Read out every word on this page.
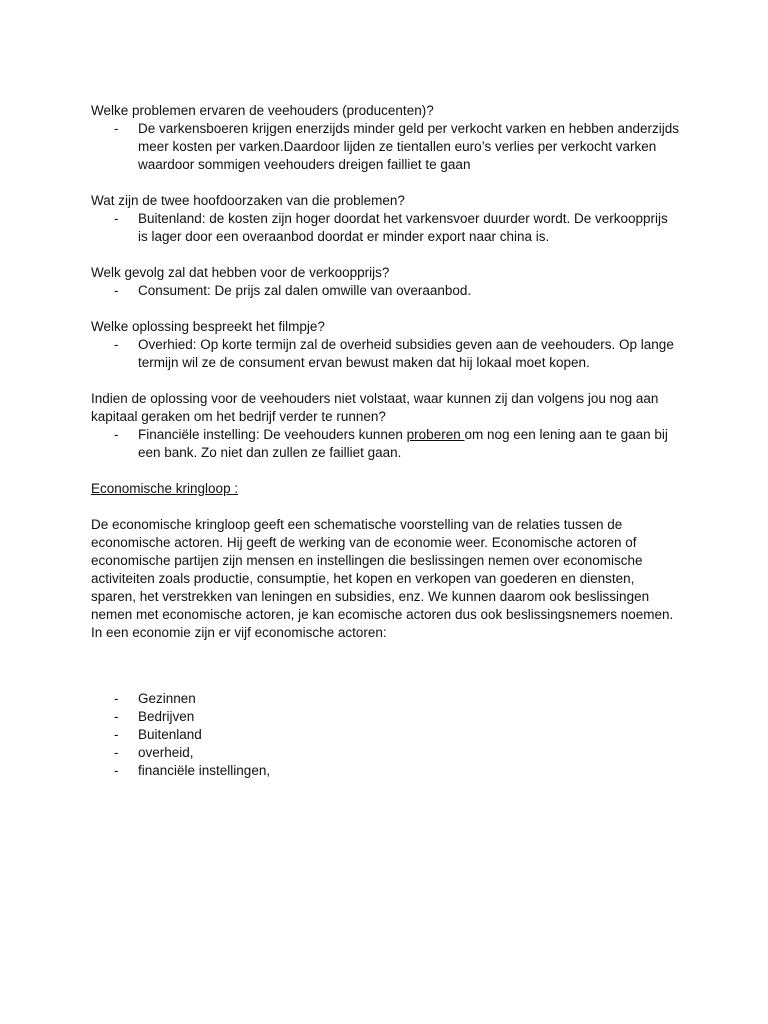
Welke problemen ervaren de veehouders (producenten)?

- De varkensboeren krijgen enerzijds minder geld per verkocht varken en hebben anderzijds meer kosten per varken.Daardoor lijden ze tientallen euro’s verlies per verkocht varken waardoor sommigen veehouders dreigen failliet te gaan

Wat zijn de twee hoofdoorzaken van die problemen?

- Buitenland: de kosten zijn hoger doordat het varkensvoer duurder wordt. De verkoopprijs is lager door een overaanbod doordat er minder export naar china is.

Welk gevolg zal dat hebben voor de verkoopprijs?

- Consument: De prijs zal dalen omwille van overaanbod.

Welke oplossing bespreekt het filmpje?

- Overhied: Op korte termijn zal de overheid subsidies geven aan de veehouders. Op lange termijn wil ze de consument ervan bewust maken dat hij lokaal moet kopen.

Indien de oplossing voor de veehouders niet volstaat, waar kunnen zij dan volgens jou nog aan kapitaal geraken om het bedrijf verder te runnen?

- Financiële instelling: De veehouders kunnen proberen om nog een lening aan te gaan bij een bank. Zo niet dan zullen ze failliet gaan.
Economische kringloop :

De economische kringloop geeft een schematische voorstelling van de relaties tussen de economische actoren. Hij geeft de werking van de economie weer. Economische actoren of economische partijen zijn mensen en instellingen die beslissingen nemen over economische activiteiten zoals productie, consumptie, het kopen en verkopen van goederen en diensten, sparen, het verstrekken van leningen en subsidies, enz. We kunnen daarom ook beslissingen nemen met economische actoren, je kan ecomische actoren dus ook beslissingsnemers noemen. In een economie zijn er vijf economische actoren:

- Gezinnen
- Bedrijven
- Buitenland
- overheid,
- financiële instellingen,
